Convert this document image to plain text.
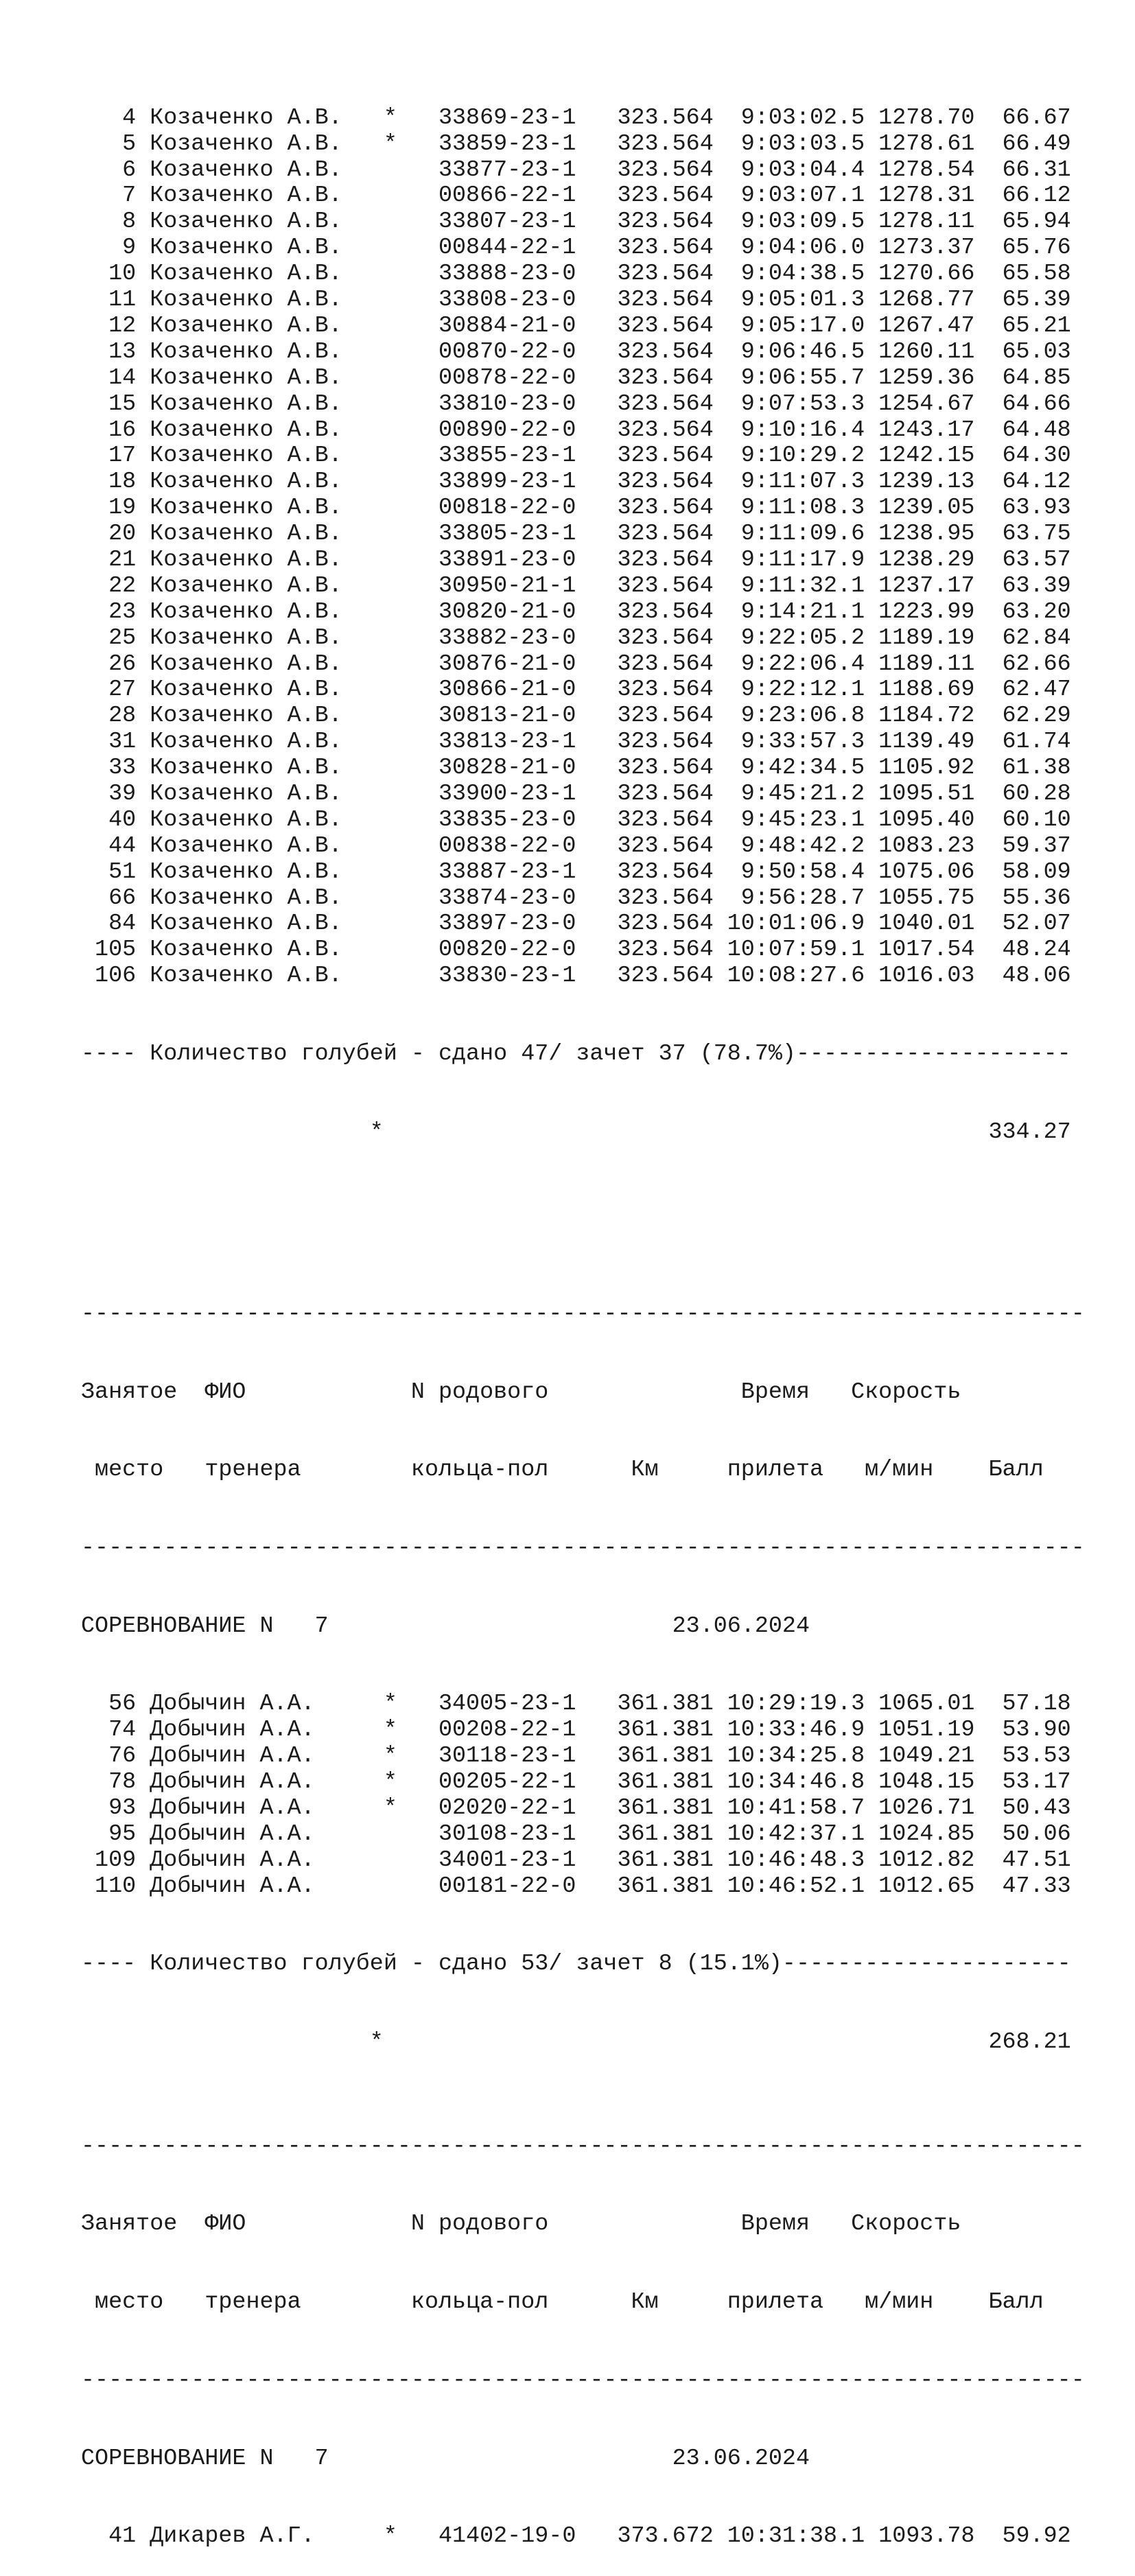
4 Козаченко А.В.   *   33869-23-1   323.564  9:03:02.5 1278.70  66.67
5 Козаченко А.В.   *   33859-23-1   323.564  9:03:03.5 1278.61  66.49
6 Козаченко А.В.       33877-23-1   323.564  9:03:04.4 1278.54  66.31
7 Козаченко А.В.       00866-22-1   323.564  9:03:07.1 1278.31  66.12
8 Козаченко А.В.       33807-23-1   323.564  9:03:09.5 1278.11  65.94
9 Козаченко А.В.       00844-22-1   323.564  9:04:06.0 1273.37  65.76
10 Козаченко А.В.       33888-23-0   323.564  9:04:38.5 1270.66  65.58
11 Козаченко А.В.       33808-23-0   323.564  9:05:01.3 1268.77  65.39
12 Козаченко А.В.       30884-21-0   323.564  9:05:17.0 1267.47  65.21
13 Козаченко А.В.       00870-22-0   323.564  9:06:46.5 1260.11  65.03
14 Козаченко А.В.       00878-22-0   323.564  9:06:55.7 1259.36  64.85
15 Козаченко А.В.       33810-23-0   323.564  9:07:53.3 1254.67  64.66
16 Козаченко А.В.       00890-22-0   323.564  9:10:16.4 1243.17  64.48
17 Козаченко А.В.       33855-23-1   323.564  9:10:29.2 1242.15  64.30
18 Козаченко А.В.       33899-23-1   323.564  9:11:07.3 1239.13  64.12
19 Козаченко А.В.       00818-22-0   323.564  9:11:08.3 1239.05  63.93
20 Козаченко А.В.       33805-23-1   323.564  9:11:09.6 1238.95  63.75
21 Козаченко А.В.       33891-23-0   323.564  9:11:17.9 1238.29  63.57
22 Козаченко А.В.       30950-21-1   323.564  9:11:32.1 1237.17  63.39
23 Козаченко А.В.       30820-21-0   323.564  9:14:21.1 1223.99  63.20
25 Козаченко А.В.       33882-23-0   323.564  9:22:05.2 1189.19  62.84
26 Козаченко А.В.       30876-21-0   323.564  9:22:06.4 1189.11  62.66
27 Козаченко А.В.       30866-21-0   323.564  9:22:12.1 1188.69  62.47
28 Козаченко А.В.       30813-21-0   323.564  9:23:06.8 1184.72  62.29
31 Козаченко А.В.       33813-23-1   323.564  9:33:57.3 1139.49  61.74
33 Козаченко А.В.       30828-21-0   323.564  9:42:34.5 1105.92  61.38
39 Козаченко А.В.       33900-23-1   323.564  9:45:21.2 1095.51  60.28
40 Козаченко А.В.       33835-23-0   323.564  9:45:23.1 1095.40  60.10
44 Козаченко А.В.       00838-22-0   323.564  9:48:42.2 1083.23  59.37
51 Козаченко А.В.       33887-23-1   323.564  9:50:58.4 1075.06  58.09
66 Козаченко А.В.       33874-23-0   323.564  9:56:28.7 1055.75  55.36
84 Козаченко А.В.       33897-23-0   323.564 10:01:06.9 1040.01  52.07
105 Козаченко А.В.       00820-22-0   323.564 10:07:59.1 1017.54  48.24
106 Козаченко А.В.       33830-23-1   323.564 10:08:27.6 1016.03  48.06

---- Количество голубей - сдано 47/ зачет 37 (78.7%)--------------------

*                                            334.27

-------------------------------------------------------------------------

Занятое  ФИО            N родового              Время   Скорость

место   тренера        кольца-пол      Км     прилета   м/мин    Балл

-------------------------------------------------------------------------

СОРЕВНОВАНИЕ N   7                         23.06.2024

56 Добычин А.А.     *   34005-23-1   361.381 10:29:19.3 1065.01  57.18
74 Добычин А.А.     *   00208-22-1   361.381 10:33:46.9 1051.19  53.90
76 Добычин А.А.     *   30118-23-1   361.381 10:34:25.8 1049.21  53.53
78 Добычин А.А.     *   00205-22-1   361.381 10:34:46.8 1048.15  53.17
93 Добычин А.А.     *   02020-22-1   361.381 10:41:58.7 1026.71  50.43
95 Добычин А.А.         30108-23-1   361.381 10:42:37.1 1024.85  50.06
109 Добычин А.А.         34001-23-1   361.381 10:46:48.3 1012.82  47.51
110 Добычин А.А.         00181-22-0   361.381 10:46:52.1 1012.65  47.33

---- Количество голубей - сдано 53/ зачет 8 (15.1%)---------------------

*                                            268.21

-------------------------------------------------------------------------

Занятое  ФИО            N родового              Время   Скорость

место   тренера        кольца-пол      Км     прилета   м/мин    Балл

-------------------------------------------------------------------------

СОРЕВНОВАНИЕ N   7                         23.06.2024

41 Дикарев А.Г.     *   41402-19-0   373.672 10:31:38.1 1093.78  59.92
